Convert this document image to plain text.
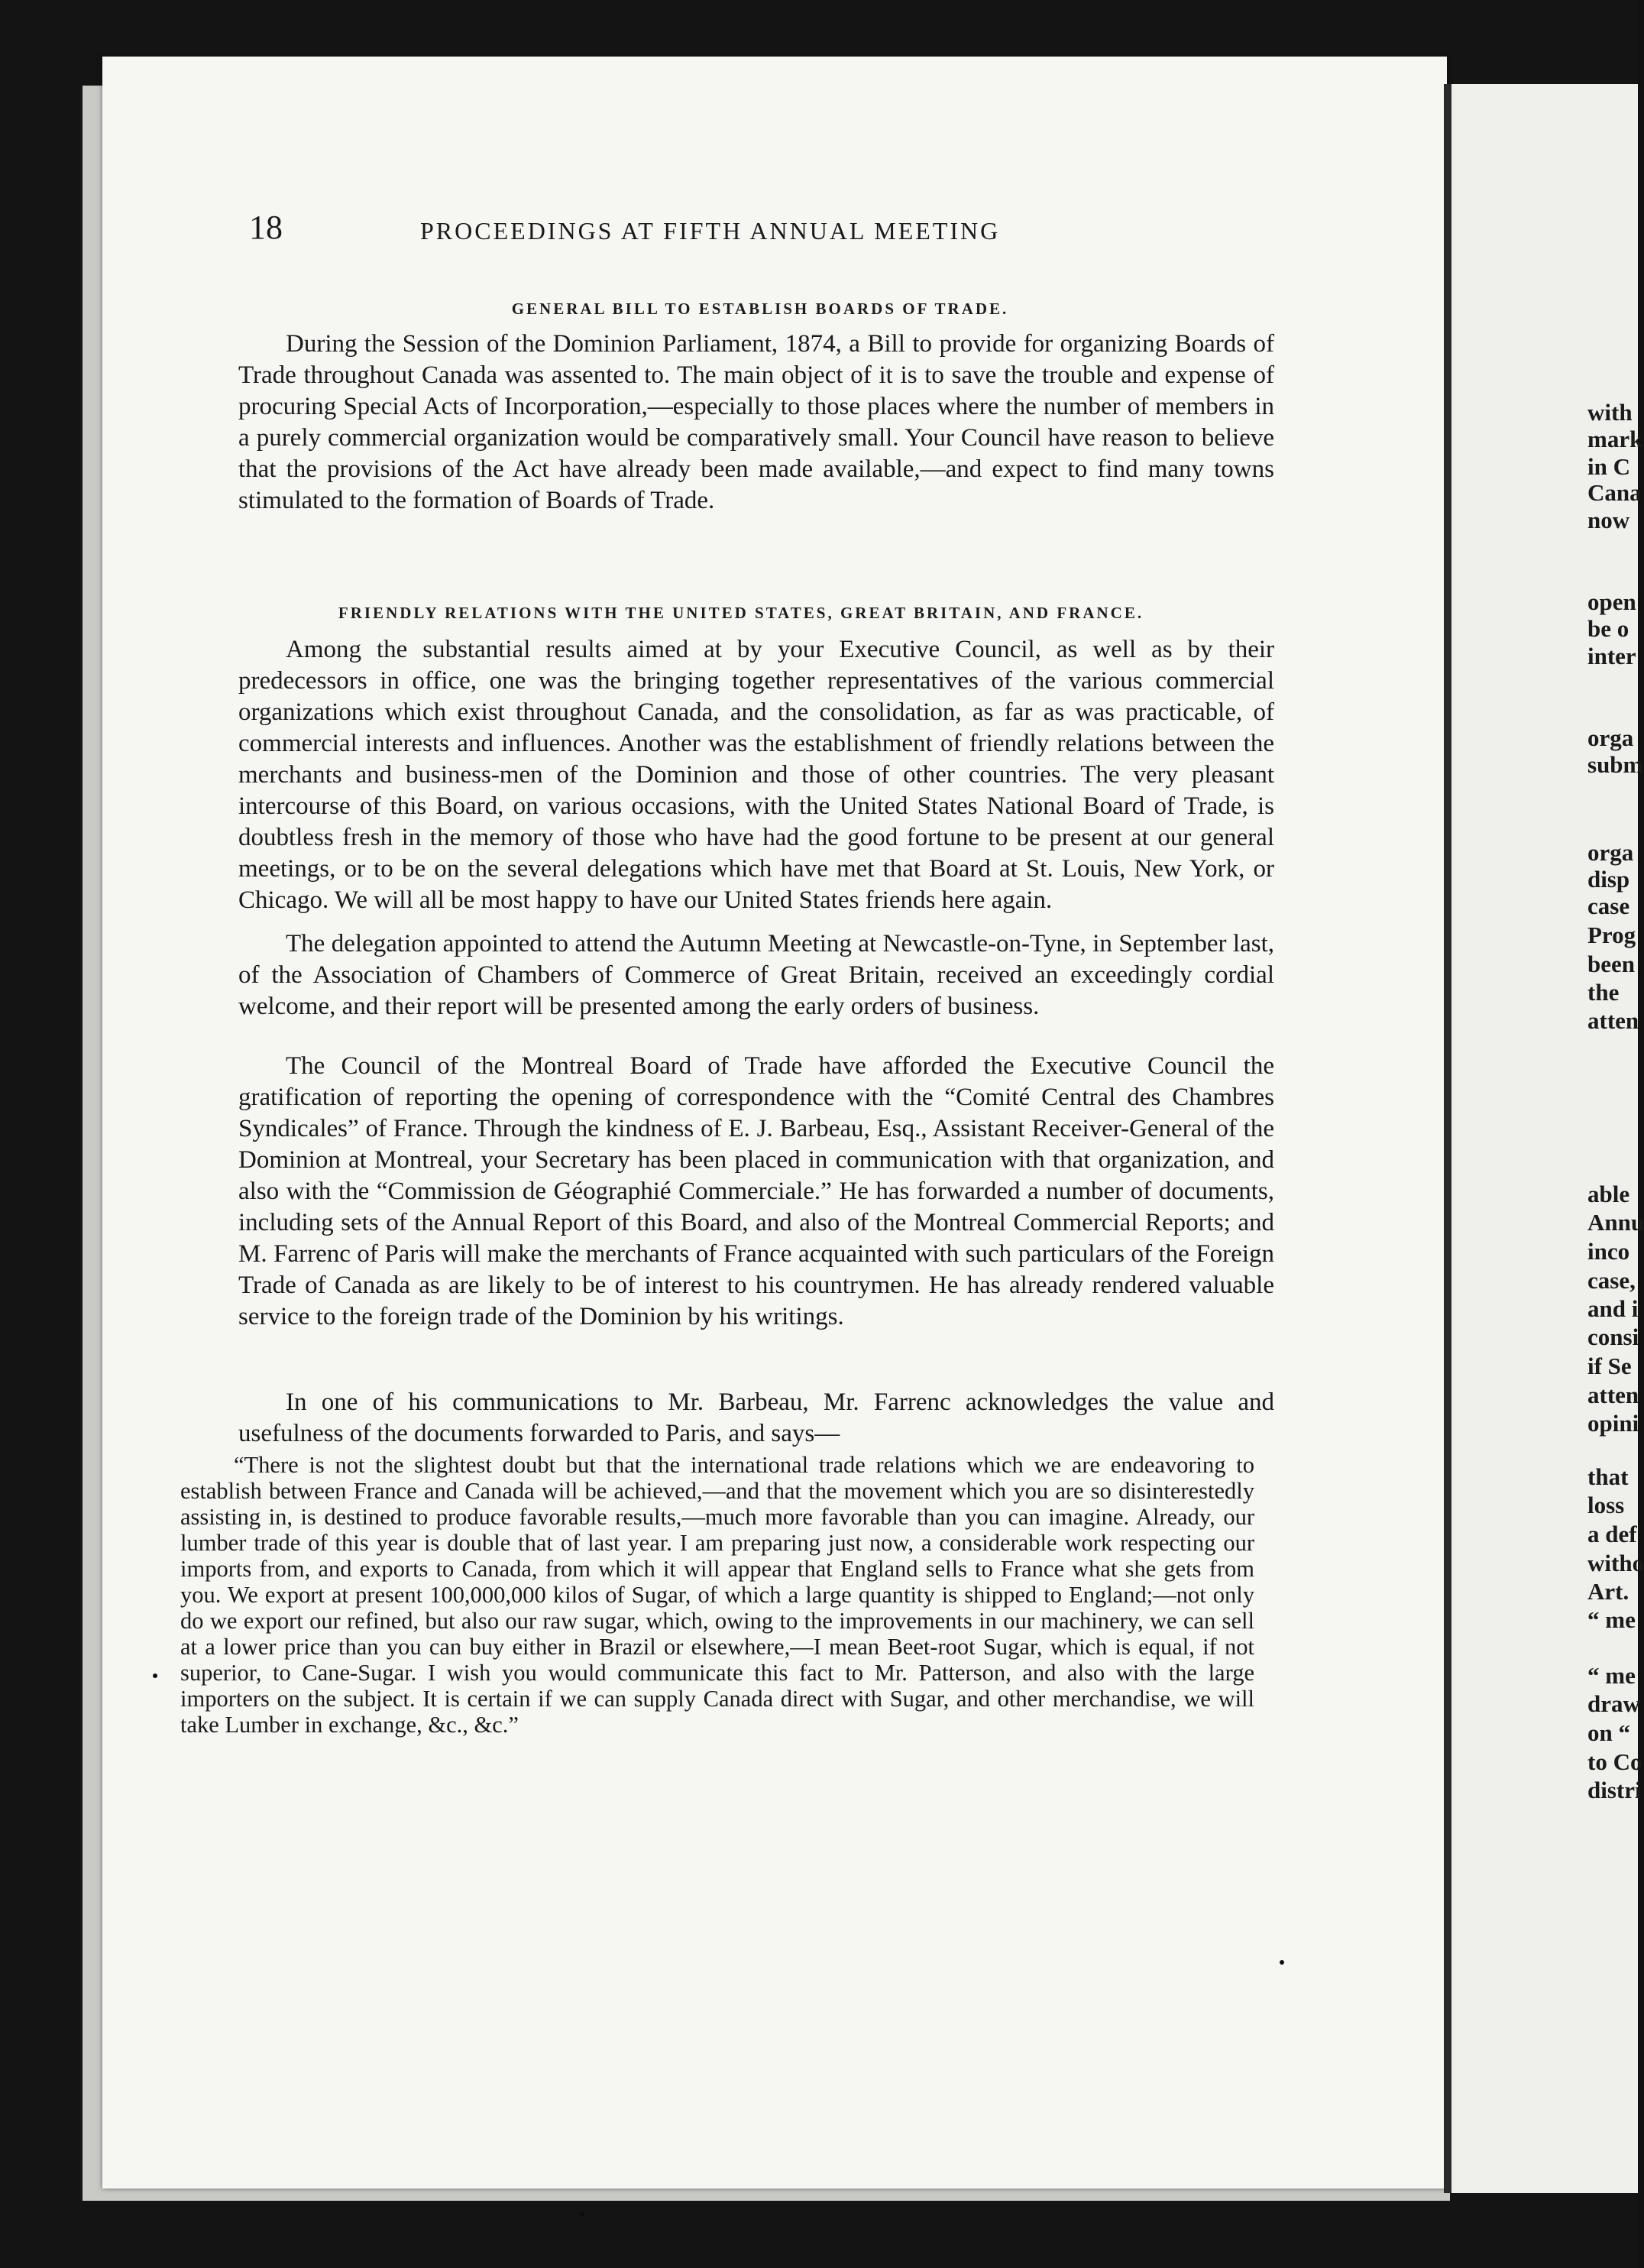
with
mark
in C
Cana
now
open
be o
inter
orga
subm
orga
disp
case
Prog
been
the
atten
able
Annu
inco
case,
and i
consi
if Se
atten
opini
that
loss
a def
witho
Art.
“ me
“ me
draw
on “
to Co
distri
18	PROCEEDINGS AT FIFTH ANNUAL MEETING
GENERAL BILL TO ESTABLISH BOARDS OF TRADE.

During the Session of the Dominion Parliament, 1874, a Bill to provide for organizing Boards of Trade throughout Canada was assented to. The main object of it is to save the trouble and expense of procuring Special Acts of Incorporation,—especially to those places where the number of members in a purely commercial organization would be comparatively small. Your Council have reason to believe that the provisions of the Act have already been made available,—and expect to find many towns stimulated to the formation of Boards of Trade.

FRIENDLY RELATIONS WITH THE UNITED STATES, GREAT BRITAIN, AND FRANCE.

Among the substantial results aimed at by your Executive Council, as well as by their predecessors in office, one was the bringing together representatives of the various commercial organizations which exist throughout Canada, and the consolidation, as far as was practicable, of commercial interests and influences. Another was the establishment of friendly relations between the merchants and business-men of the Dominion and those of other countries. The very pleasant intercourse of this Board, on various occasions, with the United States National Board of Trade, is doubtless fresh in the memory of those who have had the good fortune to be present at our general meetings, or to be on the several delegations which have met that Board at St. Louis, New York, or Chicago. We will all be most happy to have our United States friends here again.

The delegation appointed to attend the Autumn Meeting at Newcastle-on-Tyne, in September last, of the Association of Chambers of Commerce of Great Britain, received an exceedingly cordial welcome, and their report will be presented among the early orders of business.

The Council of the Montreal Board of Trade have afforded the Executive Council the gratification of reporting the opening of correspondence with the “Comité Central des Chambres Syndicales” of France. Through the kindness of E. J. Barbeau, Esq., Assistant Receiver-General of the Dominion at Montreal, your Secretary has been placed in communication with that organization, and also with the “Commission de Géographié Commerciale.” He has forwarded a number of documents, including sets of the Annual Report of this Board, and also of the Montreal Commercial Reports; and M. Farrenc of Paris will make the merchants of France acquainted with such particulars of the Foreign Trade of Canada as are likely to be of interest to his countrymen. He has already rendered valuable service to the foreign trade of the Dominion by his writings.

In one of his communications to Mr. Barbeau, Mr. Farrenc acknowledges the value and usefulness of the documents forwarded to Paris, and says—

“There is not the slightest doubt but that the international trade relations which we are endeavoring to establish between France and Canada will be achieved,—and that the movement which you are so disinterestedly assisting in, is destined to produce favorable results,—much more favorable than you can imagine. Already, our lumber trade of this year is double that of last year. I am preparing just now, a considerable work respecting our imports from, and exports to Canada, from which it will appear that England sells to France what she gets from you. We export at present 100,000,000 kilos of Sugar, of which a large quantity is shipped to England;—not only do we export our refined, but also our raw sugar, which, owing to the improvements in our machinery, we can sell at a lower price than you can buy either in Brazil or elsewhere,—I mean Beet-root Sugar, which is equal, if not superior, to Cane-Sugar. I wish you would communicate this fact to Mr. Patterson, and also with the large importers on the subject. It is certain if we can supply Canada direct with Sugar, and other merchandise, we will take Lumber in exchange, &c., &c.”
